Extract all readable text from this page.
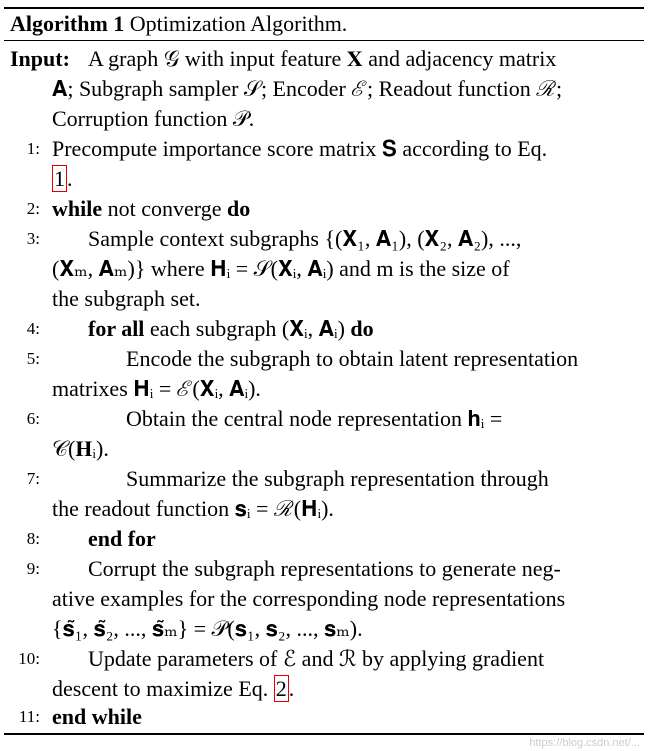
Algorithm 1 Optimization Algorithm.
Input: A graph 𝒢 with input feature 𝐗 and adjacency matrix
𝐀; Subgraph sampler 𝒮; Encoder ℰ; Readout function ℛ;
Corruption function 𝒫.
1: Precompute importance score matrix 𝐒 according to Eq.
1.
2: while not converge do
3: Sample context subgraphs {(𝐗₁, 𝐀₁), (𝐗₂, 𝐀₂), ...,
(𝐗ₘ, 𝐀ₘ)} where 𝐇ᵢ = 𝒮(𝐗ᵢ, 𝐀ᵢ) and m is the size of
the subgraph set.
4: for all each subgraph (𝐗ᵢ, 𝐀ᵢ) do
5:	Encode the subgraph to obtain latent representation
matrixes 𝐇ᵢ = ℰ(𝐗ᵢ, 𝐀ᵢ).
6:	Obtain the central node representation 𝐡ᵢ =
𝒞(𝐇ᵢ).
7:	Summarize the subgraph representation through
the readout function 𝐬ᵢ = ℛ(𝐇ᵢ).
8: end for
9: Corrupt the subgraph representations to generate neg-
ative examples for the corresponding node representations
{𝐬̃₁, 𝐬̃₂, ..., 𝐬̃ₘ} = 𝒫(𝐬₁, 𝐬₂, ..., 𝐬ₘ).
10: Update parameters of ℰ and ℛ by applying gradient
descent to maximize Eq. 2.
11: end while
https://blog.csdn.net/...
